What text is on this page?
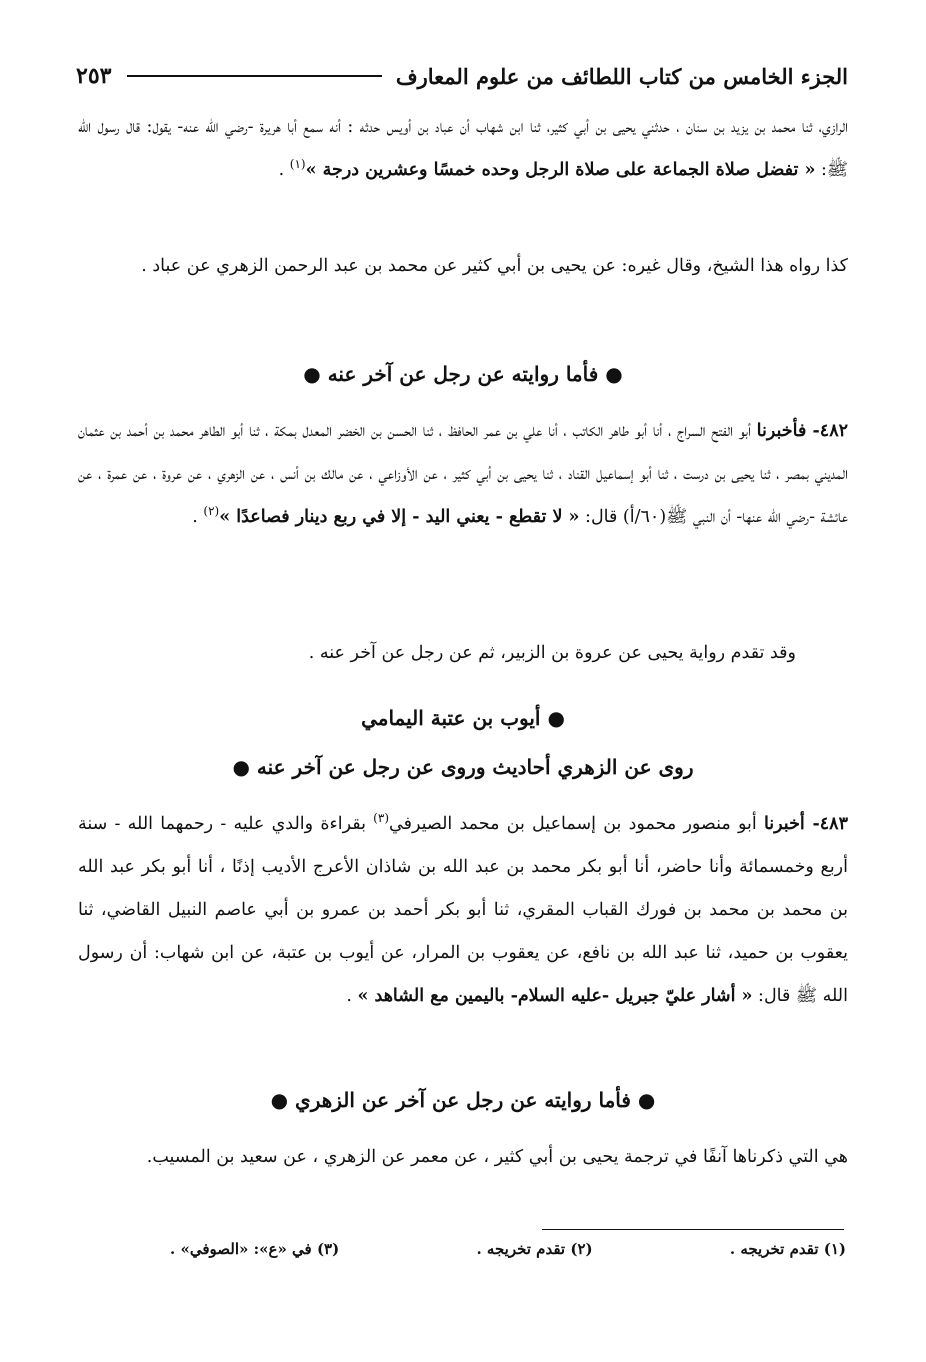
الجزء الخامس من كتاب اللطائف من علوم المعارف
٢٥٣

الرازي، ثنا محمد بن يزيد بن سنان ، حدثني يحيى بن أبي كثير، ثنا ابن شهاب أن عباد بن أويس حدثه : أنه سمع أبا هريرة -رضي الله عنه- يقول: قال رسول الله ﷺ: « تفضل صلاة الجماعة على صلاة الرجل وحده خمسًا وعشرين درجة »$^{(١)}$ .

كذا رواه هذا الشيخ، وقال غيره: عن يحيى بن أبي كثير عن محمد بن عبد الرحمن الزهري عن عباد .

● فأما روايته عن رجل عن آخر عنه ●

٤٨٢- فأخبرنا أبو الفتح السراج ، أنا أبو طاهر الكاتب ، أنا علي بن عمر الحافظ ، ثنا الحسن بن الخضر المعدل بمكة ، ثنا أبو الطاهر محمد بن أحمد بن عثمان المديني بمصر ، ثنا يحيى بن درست ، ثنا أبو إسماعيل القناد ، ثنا يحيى بن أبي كثير ، عن الأوزاعي ، عن مالك بن أنس ، عن الزهري ، عن عروة ، عن عمرة ، عن عائشة -رضي الله عنها- أن النبي ﷺ(٦٠/أ) قال: « لا تقطع - يعني اليد - إلا في ربع دينار فصاعدًا »$^{(٢)}$ .

وقد تقدم رواية يحيى عن عروة بن الزبير، ثم عن رجل عن آخر عنه .

● أيوب بن عتبة اليمامي
روى عن الزهري أحاديث وروى عن رجل عن آخر عنه ●

٤٨٣- أخبرنا أبو منصور محمود بن إسماعيل بن محمد الصيرفي$^{(٣)}$ بقراءة والدي عليه - رحمهما الله - سنة أربع وخمسمائة وأنا حاضر، أنا أبو بكر محمد بن عبد الله بن شاذان الأعرج الأديب إذنًا ، أنا أبو بكر عبد الله بن محمد بن محمد بن فورك القباب المقري، ثنا أبو بكر أحمد بن عمرو بن أبي عاصم النبيل القاضي، ثنا يعقوب بن حميد، ثنا عبد الله بن نافع، عن يعقوب بن المرار، عن أيوب بن عتبة، عن ابن شهاب: أن رسول الله ﷺ قال: « أشار عليّ جبريل -عليه السلام- باليمين مع الشاهد » .

● فأما روايته عن رجل عن آخر عن الزهري ●

هي التي ذكرناها آنفًا في ترجمة يحيى بن أبي كثير ، عن معمر عن الزهري ، عن سعيد بن المسيب.

(١) تقدم تخريجه .
(٢) تقدم تخريجه .
(٣) في «ع»: «الصوفي» .
